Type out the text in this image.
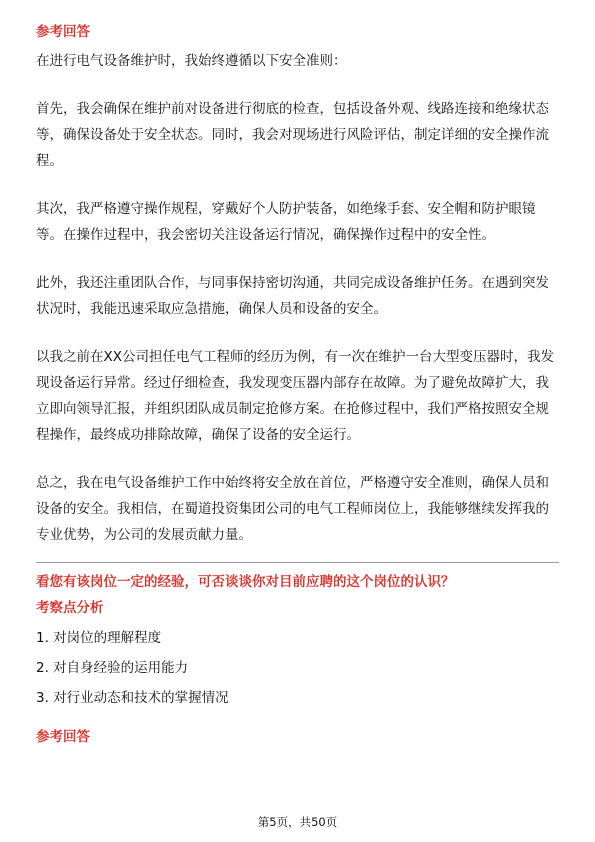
参考回答

在进行电气设备维护时，我始终遵循以下安全准则：

首先，我会确保在维护前对设备进行彻底的检查，包括设备外观、线路连接和绝缘状态等，确保设备处于安全状态。同时，我会对现场进行风险评估，制定详细的安全操作流程。

其次，我严格遵守操作规程，穿戴好个人防护装备，如绝缘手套、安全帽和防护眼镜等。在操作过程中，我会密切关注设备运行情况，确保操作过程中的安全性。

此外，我还注重团队合作，与同事保持密切沟通，共同完成设备维护任务。在遇到突发状况时，我能迅速采取应急措施，确保人员和设备的安全。

以我之前在XX公司担任电气工程师的经历为例，有一次在维护一台大型变压器时，我发现设备运行异常。经过仔细检查，我发现变压器内部存在故障。为了避免故障扩大，我立即向领导汇报，并组织团队成员制定抢修方案。在抢修过程中，我们严格按照安全规程操作，最终成功排除故障，确保了设备的安全运行。

总之，我在电气设备维护工作中始终将安全放在首位，严格遵守安全准则，确保人员和设备的安全。我相信，在蜀道投资集团公司的电气工程师岗位上，我能够继续发挥我的专业优势，为公司的发展贡献力量。

看您有该岗位一定的经验，可否谈谈你对目前应聘的这个岗位的认识？

考察点分析

1. 对岗位的理解程度
2. 对自身经验的运用能力
3. 对行业动态和技术的掌握情况

参考回答

第5页，共50页
